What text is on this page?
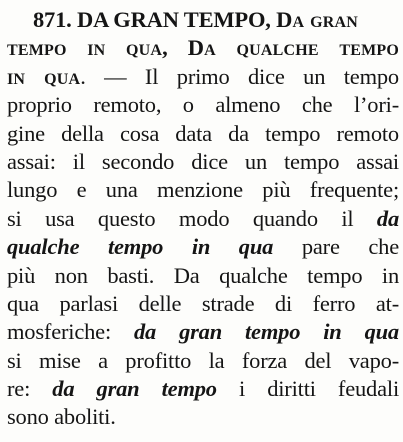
871. DA GRAN TEMPO, Da gran
tempo in qua, Da qualche tempo
in qua. — Il primo dice un tempo
proprio remoto, o almeno che l’ori-
gine della cosa data da tempo remoto
assai: il secondo dice un tempo assai
lungo e una menzione più frequente;
si usa questo modo quando il da
qualche tempo in qua pare che
più non basti. Da qualche tempo in
qua parlasi delle strade di ferro at-
mosferiche: da gran tempo in qua
si mise a profitto la forza del vapo-
re: da gran tempo i diritti feudali
sono aboliti.
